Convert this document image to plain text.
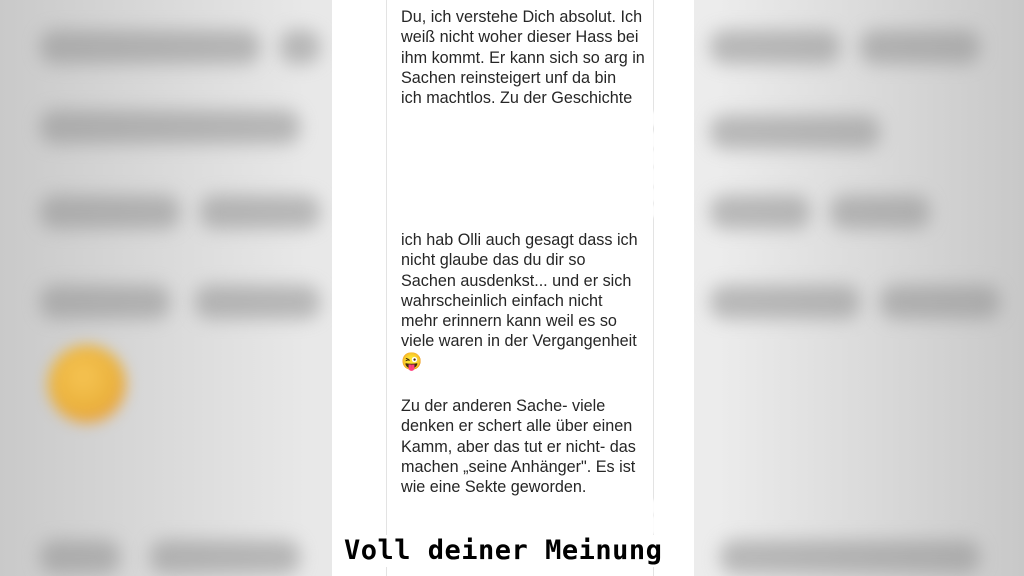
Du, ich verstehe Dich absolut. Ich
weiß nicht woher dieser Hass bei
ihm kommt. Er kann sich so arg in
Sachen reinsteigert unf da bin
ich machtlos. Zu der Geschichte

ich hab Olli auch gesagt dass ich
nicht glaube das du dir so
Sachen ausdenkst... und er sich
wahrscheinlich einfach nicht
mehr erinnern kann weil es so
viele waren in der Vergangenheit
😜

Zu der anderen Sache- viele
denken er schert alle über einen
Kamm, aber das tut er nicht- das
machen „seine Anhänger". Es ist
wie eine Sekte geworden.

Voll deiner Meinung
